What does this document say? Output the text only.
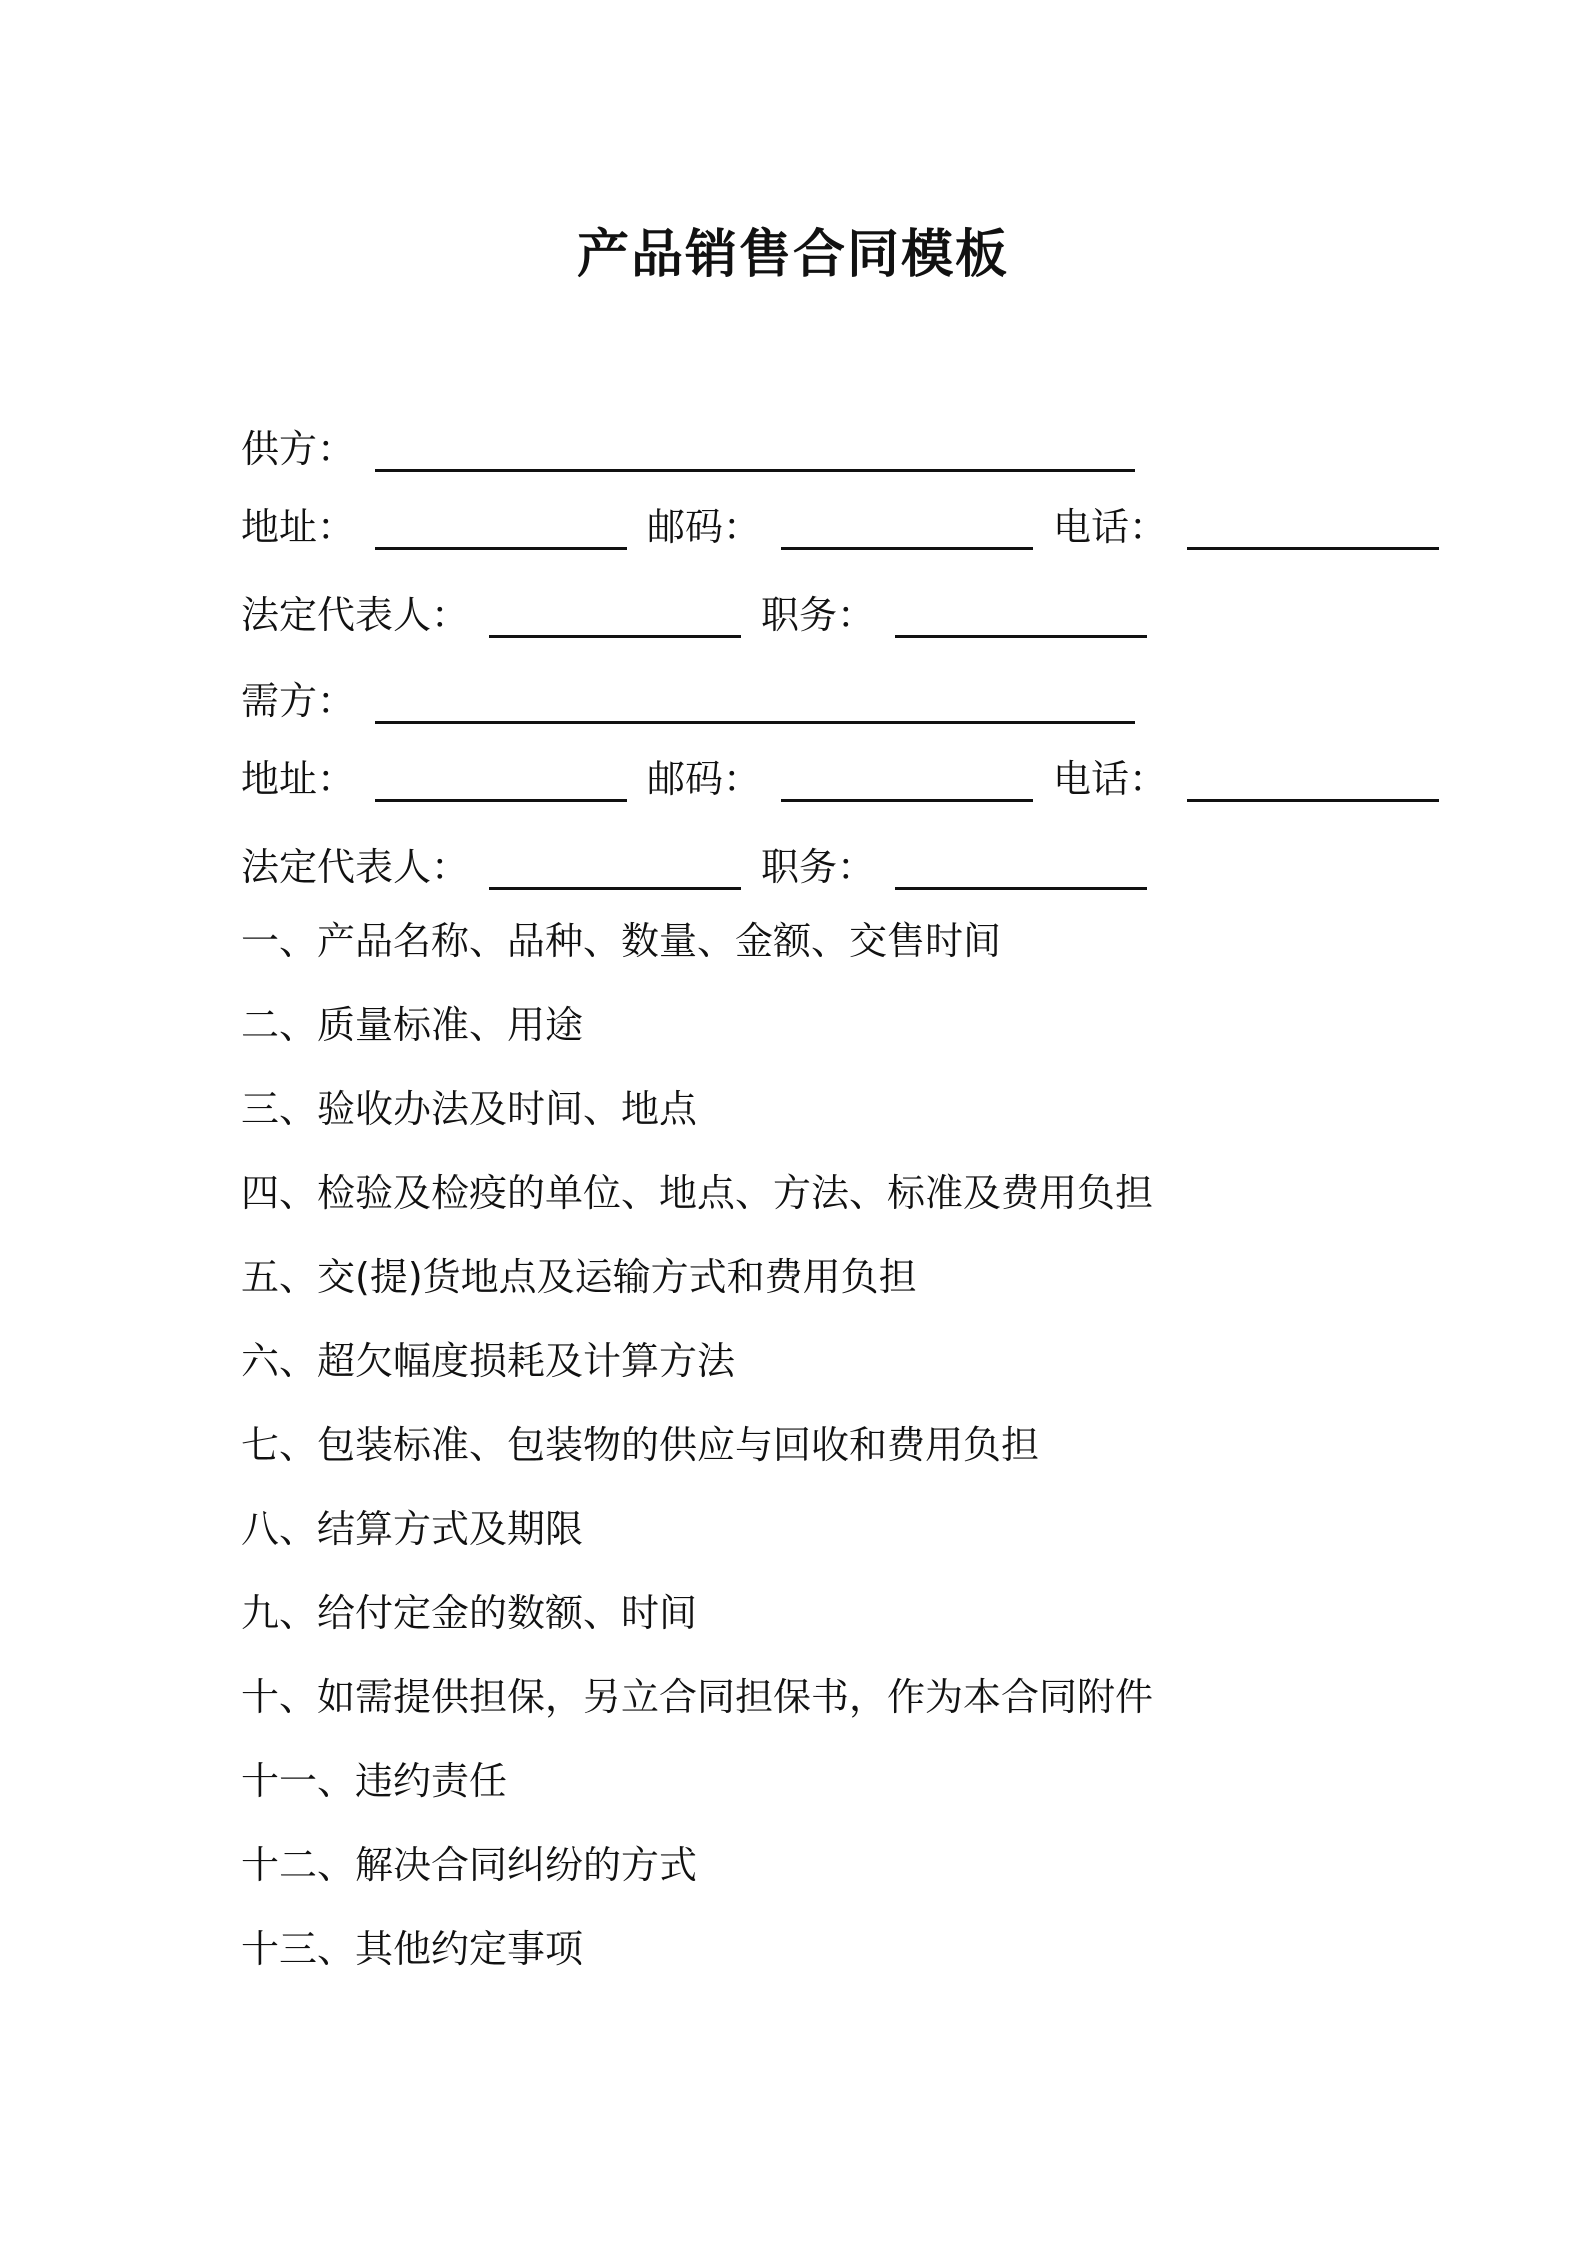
产品销售合同模板
供方：
地址：	邮码：	电话：
法定代表人：	职务：
需方：
地址：	邮码：	电话：
法定代表人：	职务：
一、产品名称、品种、数量、金额、交售时间
二、质量标准、用途
三、验收办法及时间、地点
四、检验及检疫的单位、地点、方法、标准及费用负担
五、交(提)货地点及运输方式和费用负担
六、超欠幅度损耗及计算方法
七、包装标准、包装物的供应与回收和费用负担
八、结算方式及期限
九、给付定金的数额、时间
十、如需提供担保，另立合同担保书，作为本合同附件
十一、违约责任
十二、解决合同纠纷的方式
十三、其他约定事项
